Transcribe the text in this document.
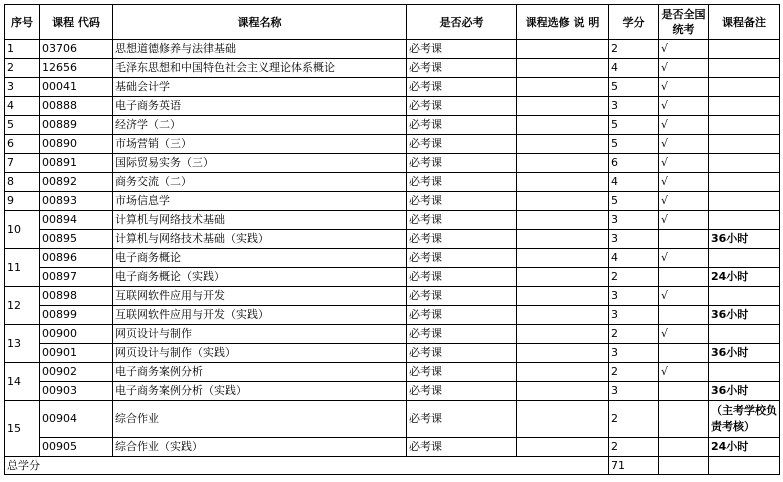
序号	课程 代码	课程名称	是否必考	课程选修 说 明	学分	是否全国统考	课程备注
1	03706	思想道德修养与法律基础	必考课		2	√	
2	12656	毛泽东思想和中国特色社会主义理论体系概论	必考课		4	√	
3	00041	基础会计学	必考课		5	√	
4	00888	电子商务英语	必考课		3	√	
5	00889	经济学（二）	必考课		5	√	
6	00890	市场营销（三）	必考课		5	√	
7	00891	国际贸易实务（三）	必考课		6	√	
8	00892	商务交流（二）	必考课		4	√	
9	00893	市场信息学	必考课		5	√	
10	00894	计算机与网络技术基础	必考课		3	√	
	00895	计算机与网络技术基础（实践）	必考课		3		36小时
11	00896	电子商务概论	必考课		4	√	
	00897	电子商务概论（实践）	必考课		2		24小时
12	00898	互联网软件应用与开发	必考课		3	√	
	00899	互联网软件应用与开发（实践）	必考课		3		36小时
13	00900	网页设计与制作	必考课		2	√	
	00901	网页设计与制作（实践）	必考课		3		36小时
14	00902	电子商务案例分析	必考课		2	√	
	00903	电子商务案例分析（实践）	必考课		3		36小时
15	00904	综合作业	必考课		2		（主考学校负责考核）
	00905	综合作业（实践）	必考课		2		24小时
总学分					71		
